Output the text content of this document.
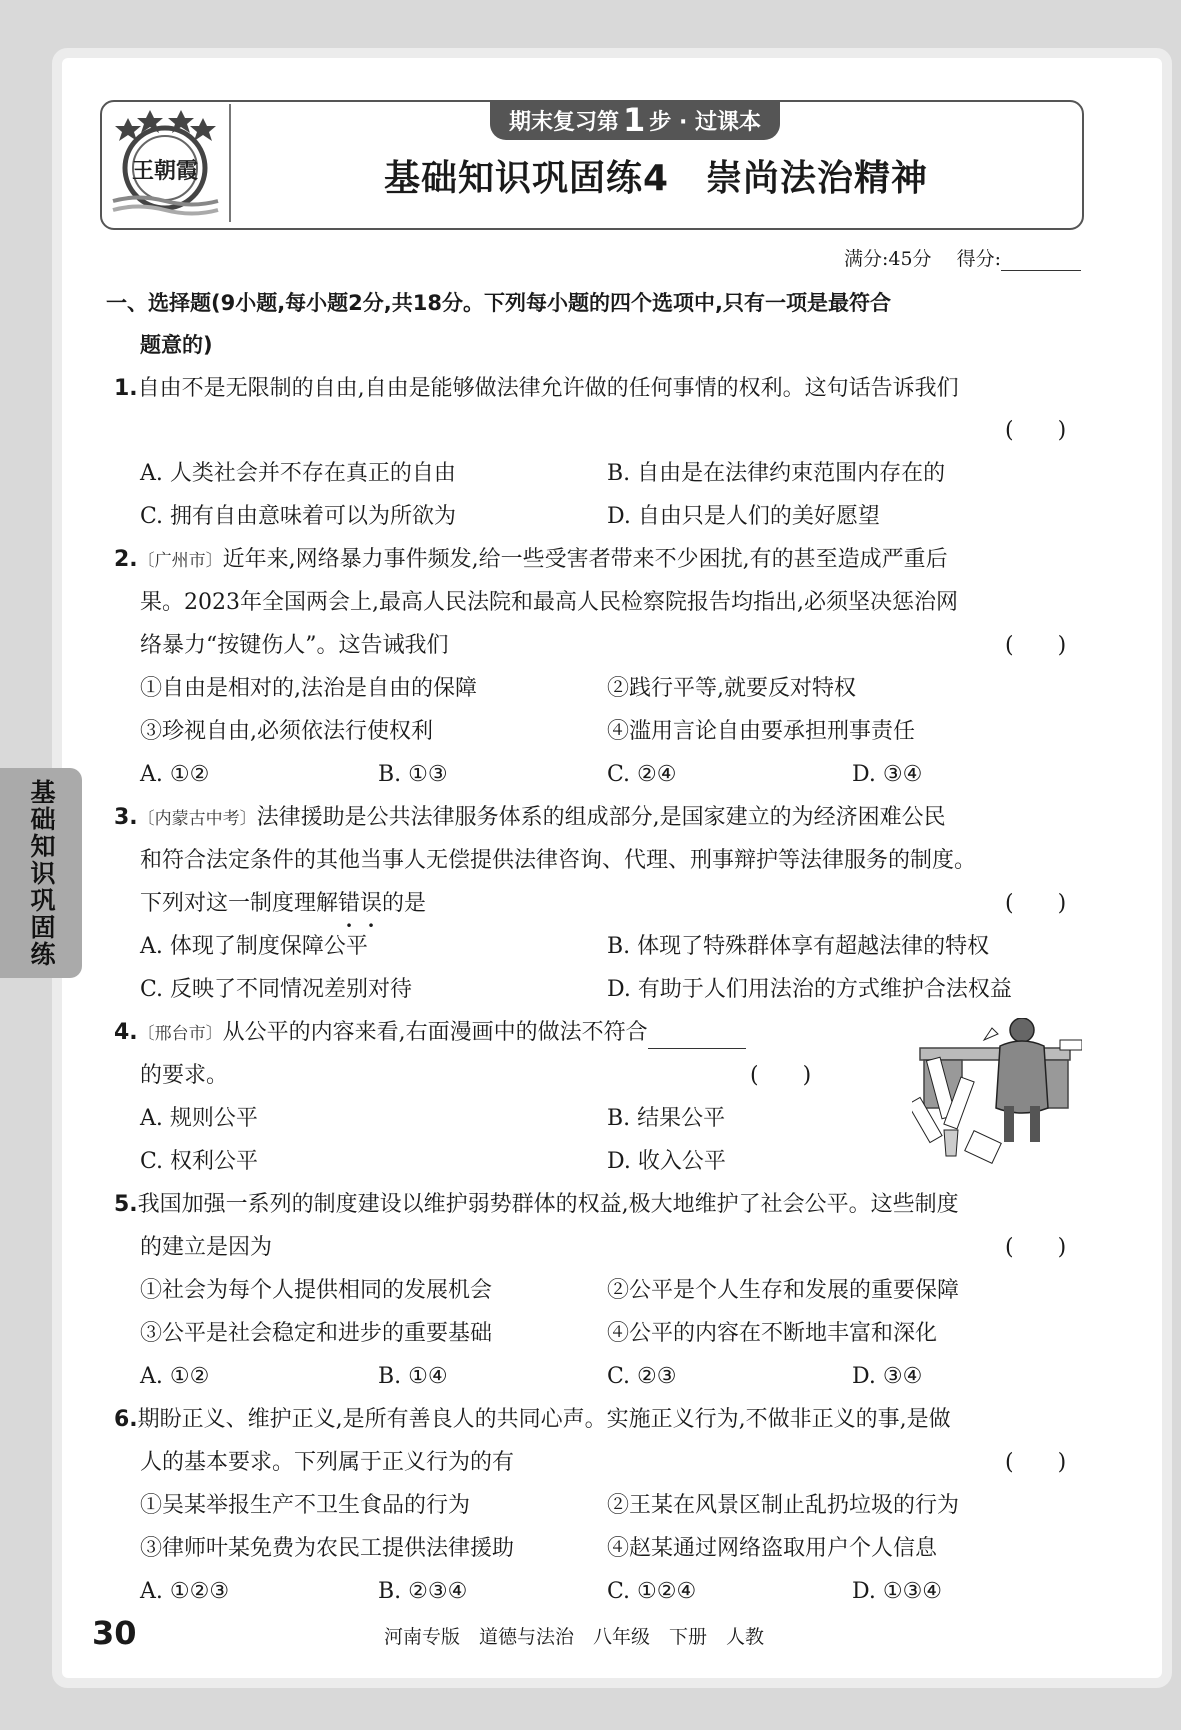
王朝霞
期末复习第 1 步 · 过课本
基础知识巩固练4　崇尚法治精神
满分:45分　 得分:
一、选择题(9小题,每小题2分,共18分。下列每小题的四个选项中,只有一项是最符合
题意的)
1.自由不是无限制的自由,自由是能够做法律允许做的任何事情的权利。这句话告诉我们
(　　)
A. 人类社会并不存在真正的自由	B. 自由是在法律约束范围内存在的
C. 拥有自由意味着可以为所欲为	D. 自由只是人们的美好愿望
2.〔广州市〕近年来,网络暴力事件频发,给一些受害者带来不少困扰,有的甚至造成严重后
果。2023年全国两会上,最高人民法院和最高人民检察院报告均指出,必须坚决惩治网
络暴力“按键伤人”。这告诫我们	(　　)
①自由是相对的,法治是自由的保障	②践行平等,就要反对特权
③珍视自由,必须依法行使权利	④滥用言论自由要承担刑事责任
A. ①②	B. ①③	C. ②④	D. ③④
基础知识巩固练	3.〔内蒙古中考〕法律援助是公共法律服务体系的组成部分,是国家建立的为经济困难公民
和符合法定条件的其他当事人无偿提供法律咨询、代理、刑事辩护等法律服务的制度。
下列对这一制度理解错误的是	(　　)
A. 体现了制度保障公平	B. 体现了特殊群体享有超越法律的特权
C. 反映了不同情况差别对待	D. 有助于人们用法治的方式维护合法权益
4.〔邢台市〕从公平的内容来看,右面漫画中的做法不符合
的要求。	(　　)
A. 规则公平	B. 结果公平
C. 权利公平	D. 收入公平
5.我国加强一系列的制度建设以维护弱势群体的权益,极大地维护了社会公平。这些制度
的建立是因为	(　　)
①社会为每个人提供相同的发展机会	②公平是个人生存和发展的重要保障
③公平是社会稳定和进步的重要基础	④公平的内容在不断地丰富和深化
A. ①②	B. ①④	C. ②③	D. ③④
6.期盼正义、维护正义,是所有善良人的共同心声。实施正义行为,不做非正义的事,是做
人的基本要求。下列属于正义行为的有	(　　)
①吴某举报生产不卫生食品的行为	②王某在风景区制止乱扔垃圾的行为
③律师叶某免费为农民工提供法律援助	④赵某通过网络盗取用户个人信息
A. ①②③	B. ②③④	C. ①②④	D. ①③④
30	河南专版　道德与法治　八年级　下册　人教
